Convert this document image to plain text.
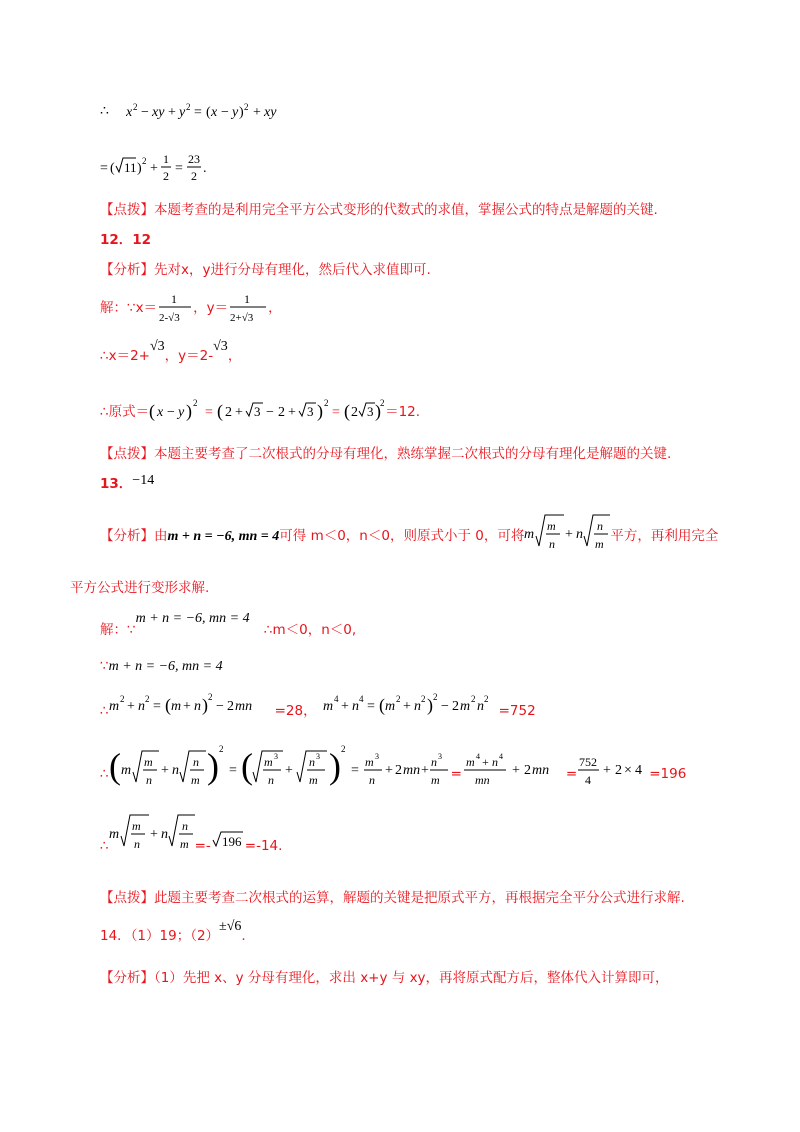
∴ x 2 − xy + y 2 = ( x − y ) 2 + xy
= ( 11 ) 2 +
1
2 =
23
2 .
【点拨】本题考查的是利用完全平方公式变形的代数式的求值，掌握公式的特点是解题的关键.
12．12
【分析】先对x，y进行分母有理化，然后代入求值即可.
解：∵x＝
1
2-√3
，y＝
1
2+√3
，
∴x＝2+√3，y＝2-√3，
∴原式＝ ( x − y ) 2
= ( 2 + 3 − 2 + 3 ) 2
= ( 2 3 ) 2
＝12.
【点拨】本题主要考查了二次根式的分母有理化，熟练掌握二次根式的分母有理化是解题的关键.
13．−14
【分析】由m + n = −6, mn = 4可得 m＜0，n＜0，则原式小于 0，可将 m
m
n
+ n
n
m 平方，再利用完全
平方公式进行变形求解.
解：∵m + n = −6, mn = 4 ∴m＜0，n＜0,
∵m + n = −6, mn = 4
∴ m 2 + n 2 = ( m + n ) 2
− 2 mn =28， m 4 + n 4 = ( m 2 + n 2 ) 2
− 2 m 2 n 2
=752
∴ ( m
m
n
+ n
n
m ) 2
= ( m 3
n
+
n 3
m ) 2
=
m 3
n
+ 2 mn +
n 3
m =
m 4 + n 4
mn
+ 2 mn =
752
4
+ 2 × 4 =196
∴
m
m
n
+ n
n
m =- 196 =-14.
【点拨】此题主要考查二次根式的运算，解题的关键是把原式平方，再根据完全平分公式进行求解.
14．（1）19；（2）±√6.
【分析】（1）先把 x、y 分母有理化，求出 x+y 与 xy，再将原式配方后，整体代入计算即可，
